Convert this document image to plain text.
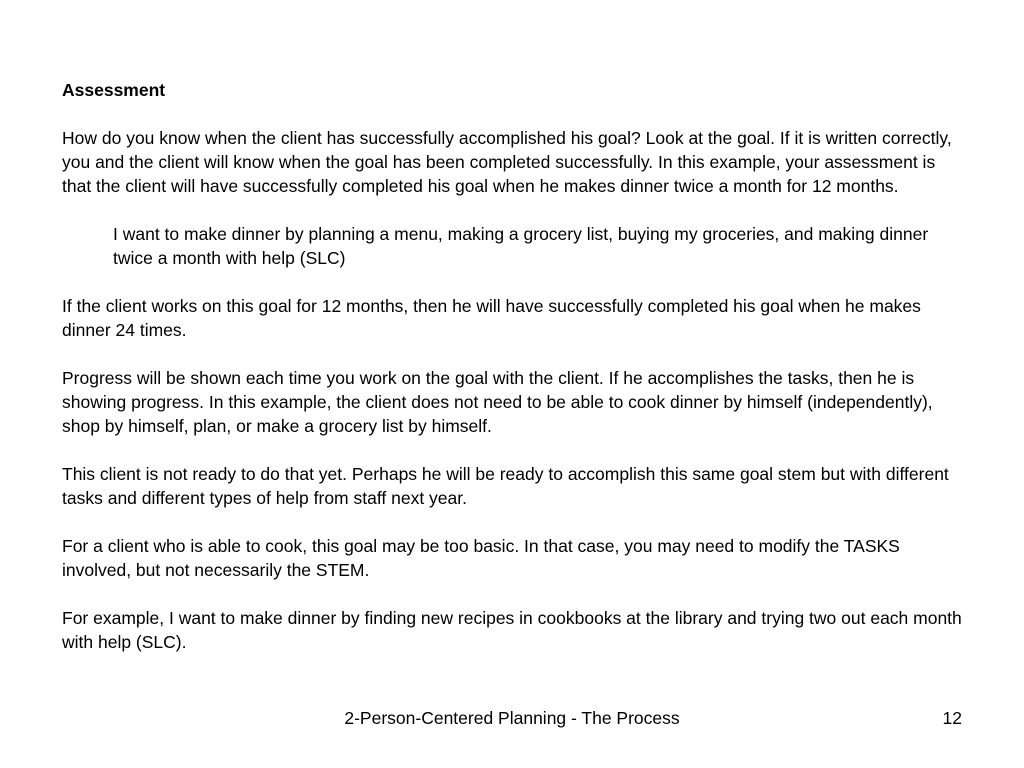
Assessment

How do you know when the client has successfully accomplished his goal? Look at the goal. If it is written correctly, you and the client will know when the goal has been completed successfully. In this example, your assessment is that the client will have successfully completed his goal when he makes dinner twice a month for 12 months.

I want to make dinner by planning a menu, making a grocery list, buying my groceries, and making dinner twice a month with help (SLC)

If the client works on this goal for 12 months, then he will have successfully completed his goal when he makes dinner 24 times.

Progress will be shown each time you work on the goal with the client. If he accomplishes the tasks, then he is showing progress. In this example, the client does not need to be able to cook dinner by himself (independently), shop by himself, plan, or make a grocery list by himself.

This client is not ready to do that yet. Perhaps he will be ready to accomplish this same goal stem but with different tasks and different types of help from staff next year.

For a client who is able to cook, this goal may be too basic. In that case, you may need to modify the TASKS involved, but not necessarily the STEM.

For example, I want to make dinner by finding new recipes in cookbooks at the library and trying two out each month with help (SLC).

2-Person-Centered Planning - The Process	12
